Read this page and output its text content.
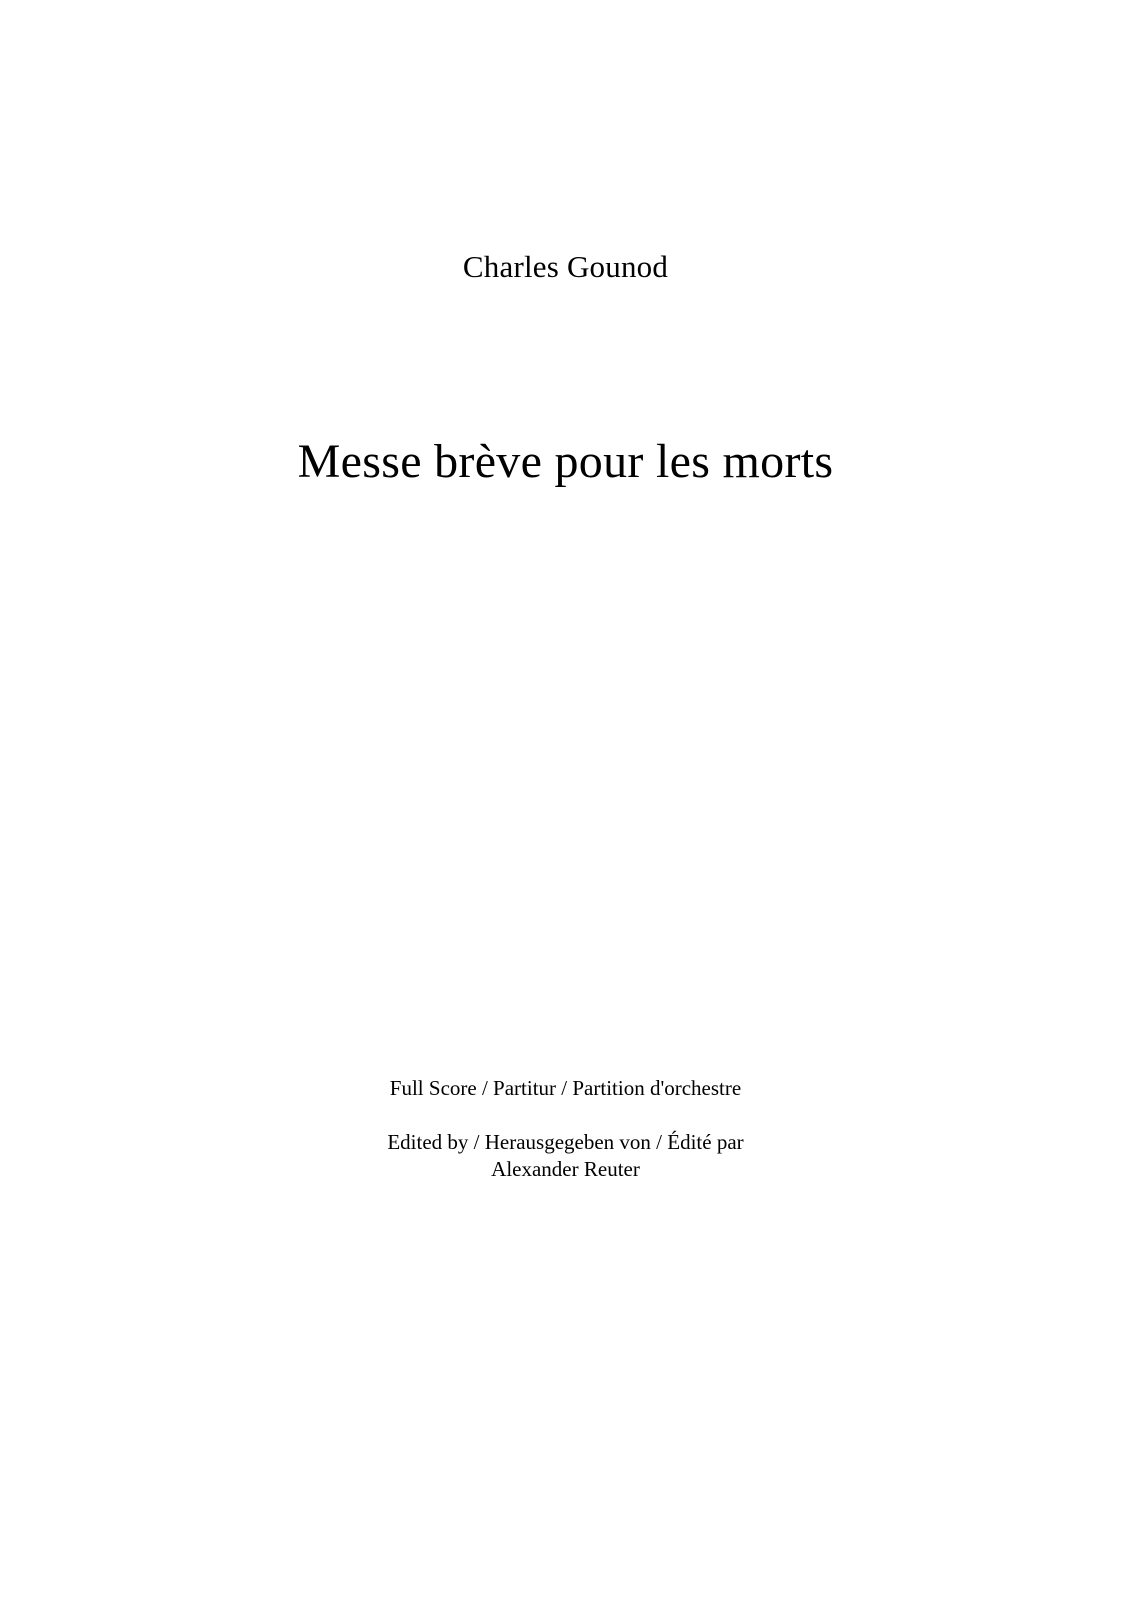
Charles Gounod
Messe brève pour les morts
Full Score / Partitur / Partition d'orchestre
Edited by / Herausgegeben von / Édité par
Alexander Reuter
